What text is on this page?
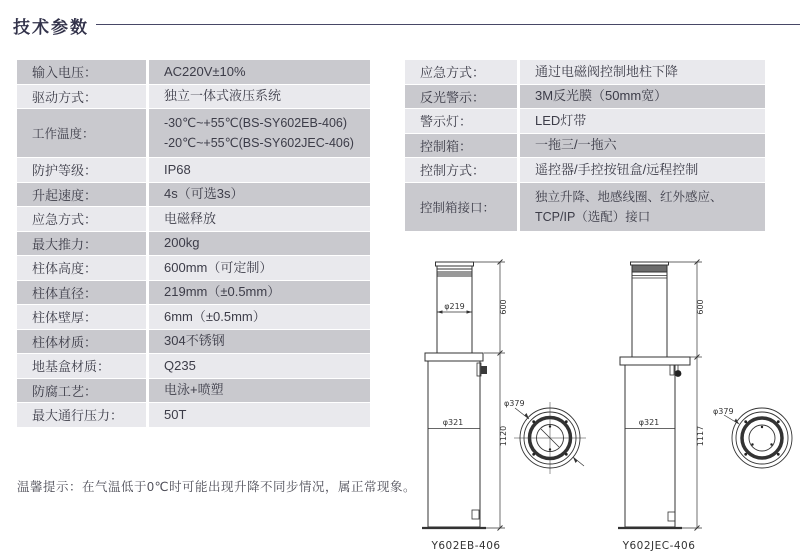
技术参数
输入电压：	AC220V±10%
驱动方式：	独立一体式液压系统
工作温度：
-30℃~+55℃(BS-SY602EB-406)
-20℃~+55℃(BS-SY602JEC-406)
防护等级：	IP68
升起速度：	4s（可选3s）
应急方式：	电磁释放
最大推力：	200kg
柱体高度：	600mm（可定制）
柱体直径：	219mm（±0.5mm）
柱体壁厚：	6mm（±0.5mm）
柱体材质：	304不锈钢
地基盒材质：	Q235
防腐工艺：	电泳+喷塑
最大通行压力：	50T
应急方式：	通过电磁阀控制地柱下降
反光警示：	3M反光膜（50mm宽）
警示灯：	LED灯带
控制箱：	一拖三/一拖六
控制方式：	遥控器/手控按钮盒/远程控制
控制箱接口：
独立升降、地感线圈、红外感应、
TCP/IP（选配）接口
温馨提示：在气温低于0℃时可能出现升降不同步情况，属正常现象。
φ219	600
φ321
1120
φ379
Y602EB-406
600
φ321
1117
φ379
Y602JEC-406
